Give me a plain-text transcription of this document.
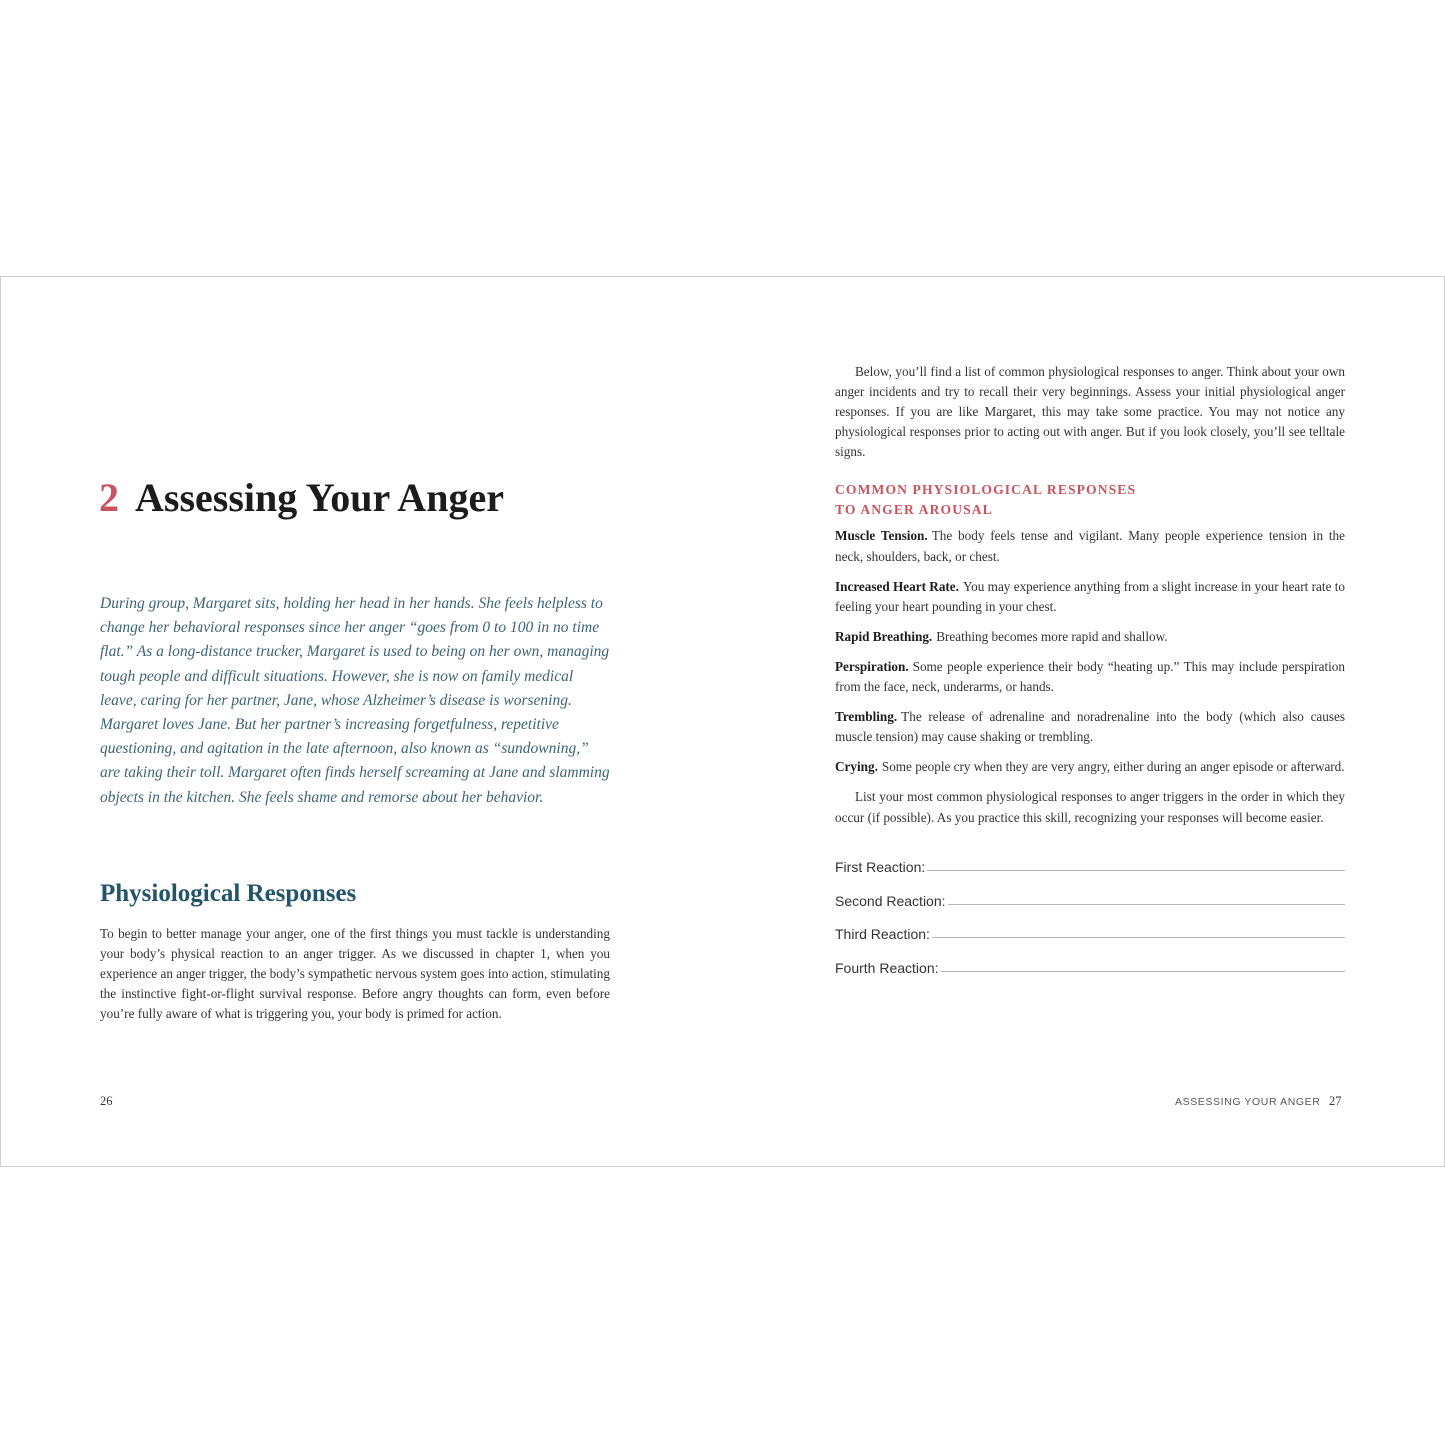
2 Assessing Your Anger

During group, Margaret sits, holding her head in her hands. She feels helpless to change her behavioral responses since her anger “goes from 0 to 100 in no time flat.” As a long-distance trucker, Margaret is used to being on her own, managing tough people and difficult situations. However, she is now on family medical leave, caring for her partner, Jane, whose Alzheimer’s disease is worsening. Margaret loves Jane. But her partner’s increasing forgetfulness, repetitive questioning, and agitation in the late afternoon, also known as “sundowning,” are taking their toll. Margaret often finds herself screaming at Jane and slamming objects in the kitchen. She feels shame and remorse about her behavior.

Physiological Responses

To begin to better manage your anger, one of the first things you must tackle is understanding your body’s physical reaction to an anger trigger. As we discussed in chapter 1, when you experience an anger trigger, the body’s sympathetic nervous system goes into action, stimulating the instinctive fight-or-flight survival response. Before angry thoughts can form, even before you’re fully aware of what is triggering you, your body is primed for action.

26

Below, you’ll find a list of common physiological responses to anger. Think about your own anger incidents and try to recall their very beginnings. Assess your initial physiological anger responses. If you are like Margaret, this may take some practice. You may not notice any physiological responses prior to acting out with anger. But if you look closely, you’ll see telltale signs.

COMMON PHYSIOLOGICAL RESPONSES
TO ANGER AROUSAL
Muscle Tension. The body feels tense and vigilant. Many people experience tension in the neck, shoulders, back, or chest.
Increased Heart Rate. You may experience anything from a slight increase in your heart rate to feeling your heart pounding in your chest.
Rapid Breathing. Breathing becomes more rapid and shallow.
Perspiration. Some people experience their body “heating up.” This may include perspiration from the face, neck, underarms, or hands.
Trembling. The release of adrenaline and noradrenaline into the body (which also causes muscle tension) may cause shaking or trembling.
Crying. Some people cry when they are very angry, either during an anger episode or afterward.

List your most common physiological responses to anger triggers in the order in which they occur (if possible). As you practice this skill, recognizing your responses will become easier.

First Reaction:
Second Reaction:
Third Reaction:
Fourth Reaction:
ASSESSING YOUR ANGER 27
